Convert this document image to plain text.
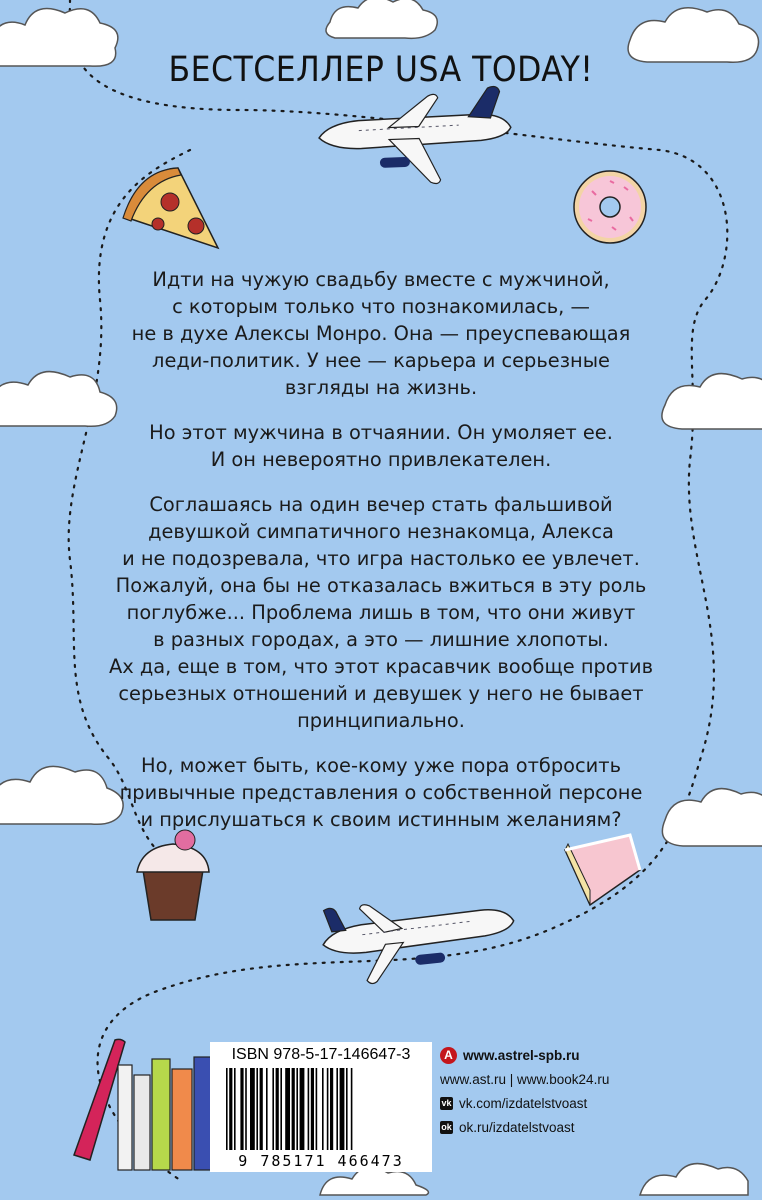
БЕСТСЕЛЛЕР USA TODAY!

Идти на чужую свадьбу вместе с мужчиной,
с которым только что познакомилась, —
не в духе Алексы Монро. Она — преуспевающая
леди-политик. У нее — карьера и серьезные
взгляды на жизнь.

Но этот мужчина в отчаянии. Он умоляет ее.
И он невероятно привлекателен.

Соглашаясь на один вечер стать фальшивой
девушкой симпатичного незнакомца, Алекса
и не подозревала, что игра настолько ее увлечет.
Пожалуй, она бы не отказалась вжиться в эту роль
поглубже... Проблема лишь в том, что они живут
в разных городах, а это — лишние хлопоты.
Ах да, еще в том, что этот красавчик вообще против
серьезных отношений и девушек у него не бывает
принципиально.

Но, может быть, кое-кому уже пора отбросить
привычные представления о собственной персоне
и прислушаться к своим истинным желаниям?

ISBN 978-5-17-146647-3
9 785171 466473
А www.astrel-spb.ru
www.ast.ru | www.book24.ru
vk vk.com/izdatelstvoast
ok ok.ru/izdatelstvoast
